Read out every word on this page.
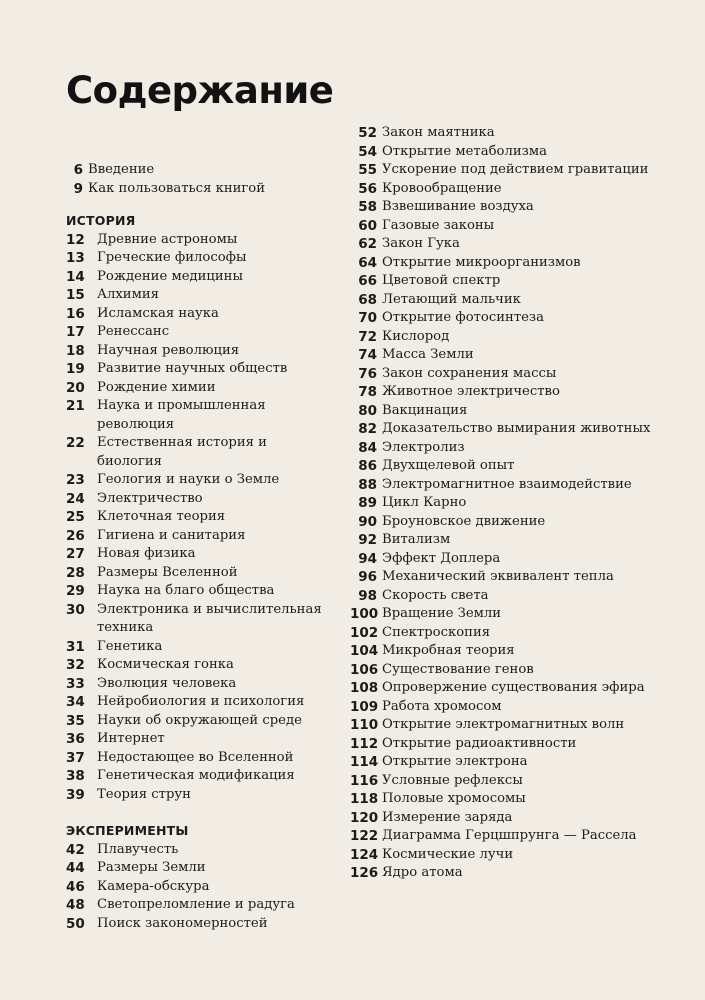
Содержание
6 Введение
9 Как пользоваться книгой
ИСТОРИЯ
12 Древние астрономы
13 Греческие философы
14 Рождение медицины
15 Алхимия
16 Исламская наука
17 Ренессанс
18 Научная революция
19 Развитие научных обществ
20 Рождение химии
21 Наука и промышленная революция
22 Естественная история и биология
23 Геология и науки о Земле
24 Электричество
25 Клеточная теория
26 Гигиена и санитария
27 Новая физика
28 Размеры Вселенной
29 Наука на благо общества
30 Электроника и вычислительная техника
31 Генетика
32 Космическая гонка
33 Эволюция человека
34 Нейробиология и психология
35 Науки об окружающей среде
36 Интернет
37 Недостающее во Вселенной
38 Генетическая модификация
39 Теория струн
ЭКСПЕРИМЕНТЫ
42 Плавучесть
44 Размеры Земли
46 Камера-обскура
48 Светопреломление и радуга
50 Поиск закономерностей
52 Закон маятника
54 Открытие метаболизма
55 Ускорение под действием гравитации
56 Кровообращение
58 Взвешивание воздуха
60 Газовые законы
62 Закон Гука
64 Открытие микроорганизмов
66 Цветовой спектр
68 Летающий мальчик
70 Открытие фотосинтеза
72 Кислород
74 Масса Земли
76 Закон сохранения массы
78 Животное электричество
80 Вакцинация
82 Доказательство вымирания животных
84 Электролиз
86 Двухщелевой опыт
88 Электромагнитное взаимодействие
89 Цикл Карно
90 Броуновское движение
92 Витализм
94 Эффект Доплера
96 Механический эквивалент тепла
98 Скорость света
100 Вращение Земли
102 Спектроскопия
104 Микробная теория
106 Существование генов
108 Опровержение существования эфира
109 Работа хромосом
110 Открытие электромагнитных волн
112 Открытие радиоактивности
114 Открытие электрона
116 Условные рефлексы
118 Половые хромосомы
120 Измерение заряда
122 Диаграмма Герцшпрунга — Рассела
124 Космические лучи
126 Ядро атома
